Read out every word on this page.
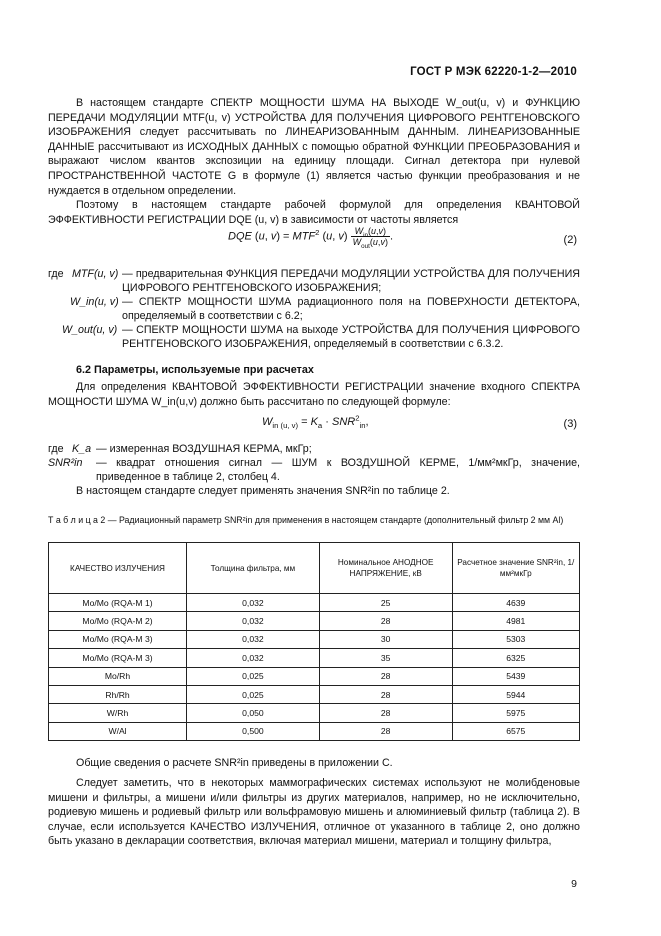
ГОСТ Р МЭК 62220-1-2—2010

В настоящем стандарте СПЕКТР МОЩНОСТИ ШУМА НА ВЫХОДЕ W_out(u, v) и ФУНКЦИЮ ПЕРЕДАЧИ МОДУЛЯЦИИ MTF(u, v) УСТРОЙСТВА ДЛЯ ПОЛУЧЕНИЯ ЦИФРОВОГО РЕНТГЕНОВСКОГО ИЗОБРАЖЕНИЯ следует рассчитывать по ЛИНЕАРИЗОВАННЫМ ДАННЫМ. ЛИНЕАРИЗОВАННЫЕ ДАННЫЕ рассчитывают из ИСХОДНЫХ ДАННЫХ с помощью обратной ФУНКЦИИ ПРЕОБРАЗОВАНИЯ и выражают числом квантов экспозиции на единицу площади. Сигнал детектора при нулевой ПРОСТРАНСТВЕННОЙ ЧАСТОТЕ G в формуле (1) является частью функции преобразования и не нуждается в отдельном определении.

Поэтому в настоящем стандарте рабочей формулой для определения КВАНТОВОЙ ЭФФЕКТИВНОСТИ РЕГИСТРАЦИИ DQE (u, v) в зависимости от частоты является

DQE (u, $v) = MTF^2$ (u, $v) \frac{W_{in}(u,v)}{W_{out}(u,v)}$ .	(2)
где MTF(u, v) — предварительная ФУНКЦИЯ ПЕРЕДАЧИ МОДУЛЯЦИИ УСТРОЙСТВА ДЛЯ ПОЛУЧЕНИЯ ЦИФРОВОГО РЕНТГЕНОВСКОГО ИЗОБРАЖЕНИЯ;
W_in(u, v) — СПЕКТР МОЩНОСТИ ШУМА радиационного поля на ПОВЕРХНОСТИ ДЕТЕКТОРА, определяемый в соответствии с 6.2;
W_out(u, v) — СПЕКТР МОЩНОСТИ ШУМА на выходе УСТРОЙСТВА ДЛЯ ПОЛУЧЕНИЯ ЦИФРОВОГО РЕНТГЕНОВСКОГО ИЗОБРАЖЕНИЯ, определяемый в соответствии с 6.3.2.
6.2 Параметры, используемые при расчетах

Для определения КВАНТОВОЙ ЭФФЕКТИВНОСТИ РЕГИСТРАЦИИ значение входного СПЕКТРА МОЩНОСТИ ШУМА W_in(u,v) должно быть рассчитано по следующей формуле:

$W_{in (u, v)} = K_a \cdot SNR^2_{in}$,	(3)
где K_a — измеренная ВОЗДУШНАЯ КЕРМА, мкГр;
SNR²in — квадрат отношения сигнал — ШУМ к ВОЗДУШНОЙ КЕРМЕ, 1/мм²мкГр, значение, приведенное в таблице 2, столбец 4.

В настоящем стандарте следует применять значения SNR²in по таблице 2.

Т а б л и ц а 2 — Радиационный параметр SNR²in для применения в настоящем стандарте (дополнительный фильтр 2 мм Al)
КАЧЕСТВО ИЗЛУЧЕНИЯ	Толщина фильтра, мм	Номинальное АНОДНОЕ НАПРЯЖЕНИЕ, кВ	Расчетное значение SNR²in, 1/мм²мкГр
Mo/Mo (RQA-M 1)	0,032	25	4639
Mo/Mo (RQA-M 2)	0,032	28	4981
Mo/Mo (RQA-M 3)	0,032	30	5303
Mo/Mo (RQA-M 3)	0,032	35	6325
Mo/Rh	0,025	28	5439
Rh/Rh	0,025	28	5944
W/Rh	0,050	28	5975
W/Al	0,500	28	6575

Общие сведения о расчете SNR²in приведены в приложении С.

Следует заметить, что в некоторых маммографических системах используют не молибденовые мишени и фильтры, а мишени и/или фильтры из других материалов, например, но не исключительно, родиевую мишень и родиевый фильтр или вольфрамовую мишень и алюминиевый фильтр (таблица 2). В случае, если используется КАЧЕСТВО ИЗЛУЧЕНИЯ, отличное от указанного в таблице 2, оно должно быть указано в декларации соответствия, включая материал мишени, материал и толщину фильтра,

9
